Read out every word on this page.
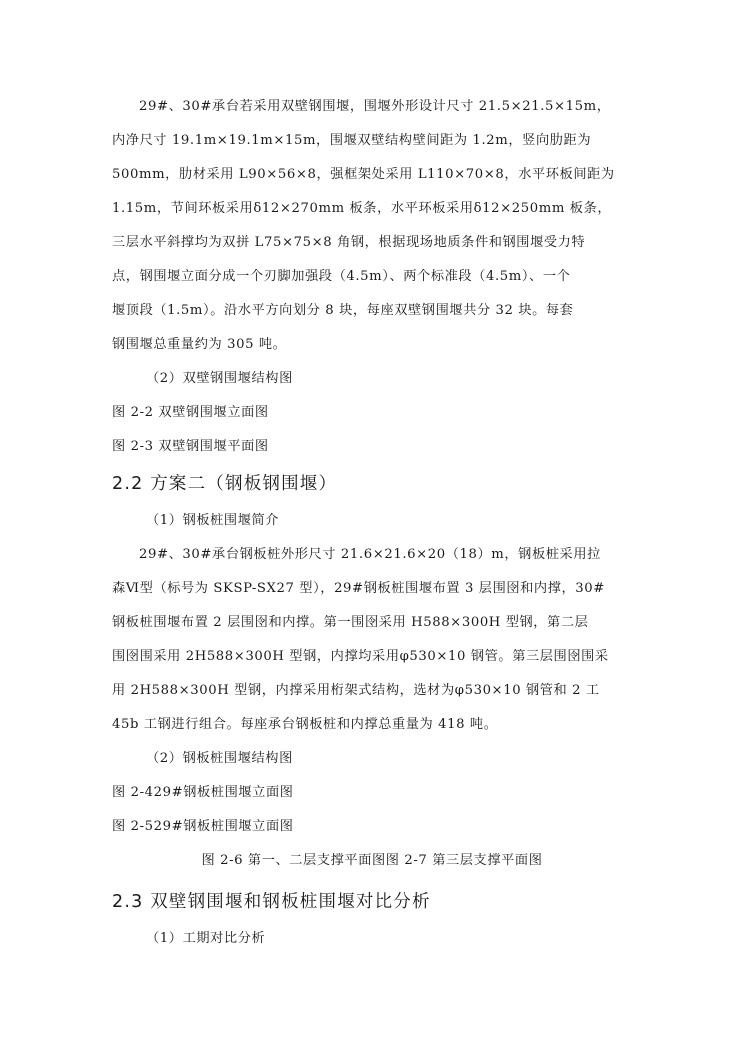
29#、30#承台若采用双壁钢围堰，围堰外形设计尺寸 21.5×21.5×15m，
内净尺寸 19.1m×19.1m×15m，围堰双壁结构壁间距为 1.2m，竖向肋距为
500mm，肋材采用 L90×56×8，强框架处采用 L110×70×8，水平环板间距为
1.15m，节间环板采用δ12×270mm 板条，水平环板采用δ12×250mm 板条，
三层水平斜撑均为双拼 L75×75×8 角钢，根据现场地质条件和钢围堰受力特
点，钢围堰立面分成一个刃脚加强段（4.5m）、两个标准段（4.5m）、一个
堰顶段（1.5m）。沿水平方向划分 8 块，每座双壁钢围堰共分 32 块。每套
钢围堰总重量约为 305 吨。

（2）双壁钢围堰结构图

图 2-2 双壁钢围堰立面图

图 2-3 双壁钢围堰平面图

2.2 方案二（钢板钢围堰）

（1）钢板桩围堰简介

29#、30#承台钢板桩外形尺寸 21.6×21.6×20（18）m，钢板桩采用拉
森Ⅵ型（标号为 SKSP-SX27 型），29#钢板桩围堰布置 3 层围囹和内撑，30#
钢板桩围堰布置 2 层围囹和内撑。第一围囹采用 H588×300H 型钢，第二层
围囹围采用 2H588×300H 型钢，内撑均采用φ530×10 钢管。第三层围囹围采
用 2H588×300H 型钢，内撑采用桁架式结构，选材为φ530×10 钢管和 2 工
45b 工钢进行组合。每座承台钢板桩和内撑总重量为 418 吨。

（2）钢板桩围堰结构图

图 2-429#钢板桩围堰立面图

图 2-529#钢板桩围堰立面图

图 2-6 第一、二层支撑平面图图 2-7 第三层支撑平面图

2.3 双壁钢围堰和钢板桩围堰对比分析

（1）工期对比分析
